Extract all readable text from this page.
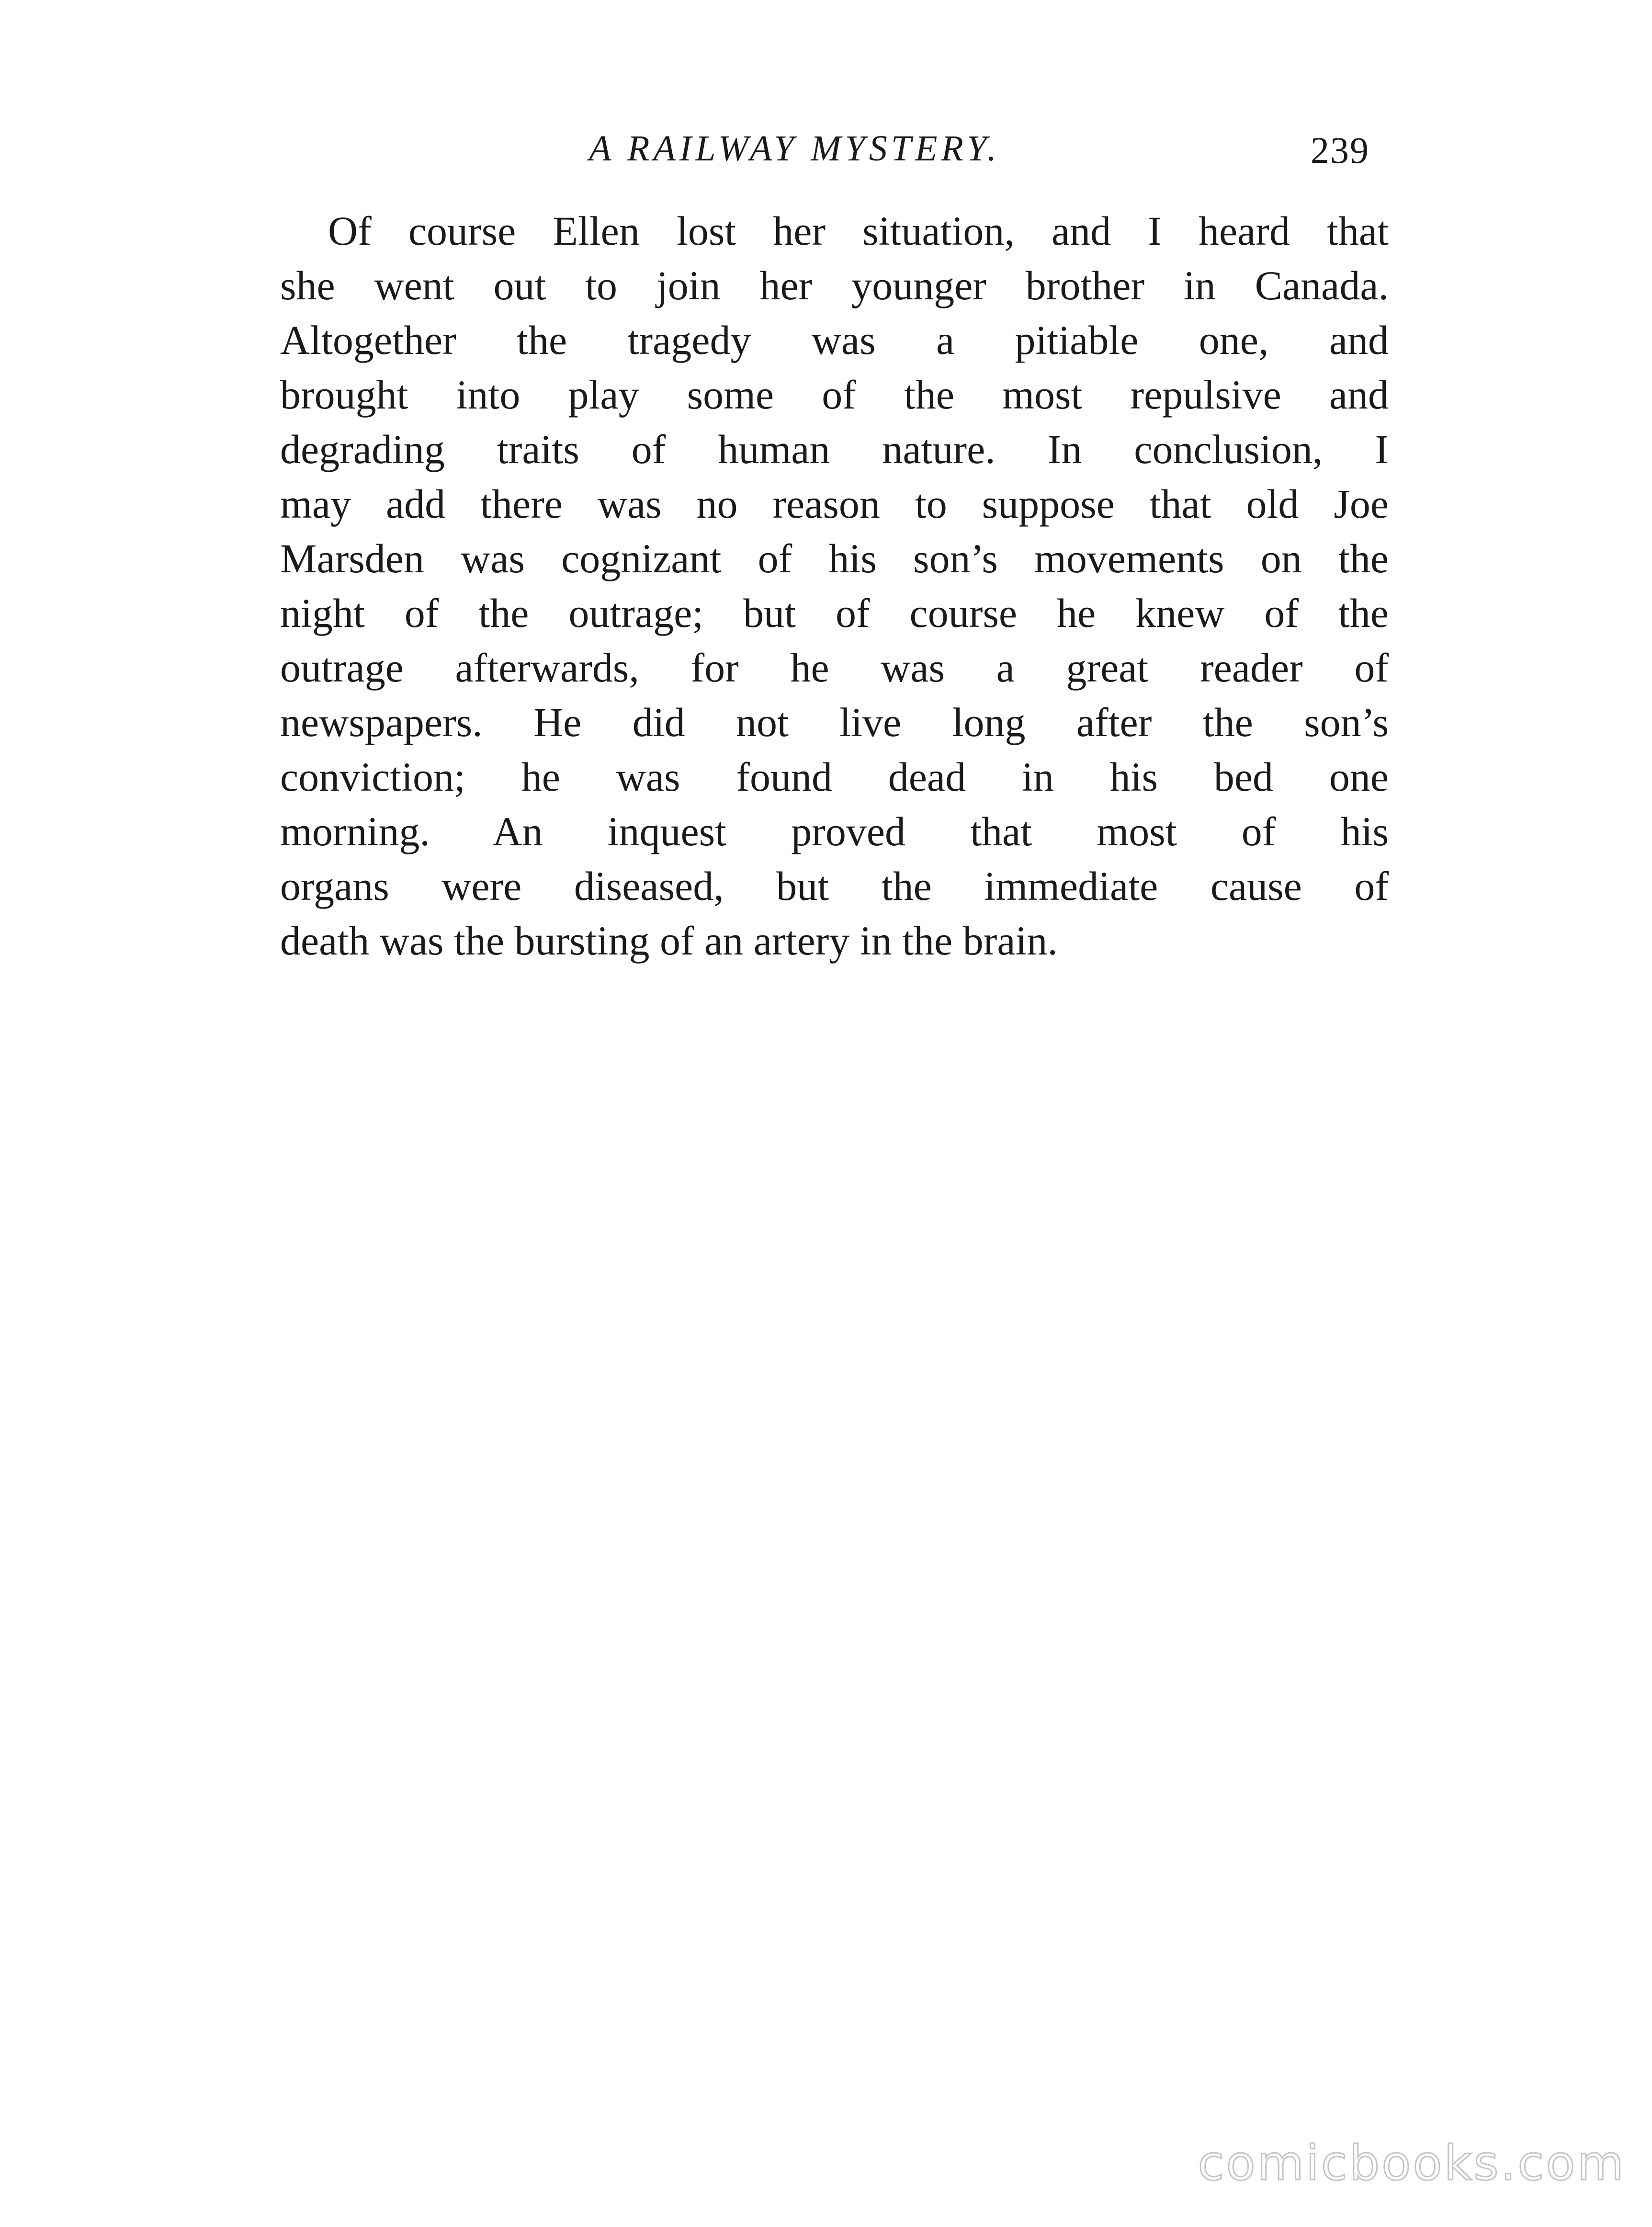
A RAILWAY MYSTERY.	239
Of course Ellen lost her situation, and I heard that
she went out to join her younger brother in Canada.
Altogether the tragedy was a pitiable one, and
brought into play some of the most repulsive and
degrading traits of human nature. In conclusion, I
may add there was no reason to suppose that old Joe
Marsden was cognizant of his son’s movements on the
night of the outrage; but of course he knew of the
outrage afterwards, for he was a great reader of
newspapers. He did not live long after the son’s
conviction; he was found dead in his bed one
morning. An inquest proved that most of his
organs were diseased, but the immediate cause of
death was the bursting of an artery in the brain.
comicbooks.com
